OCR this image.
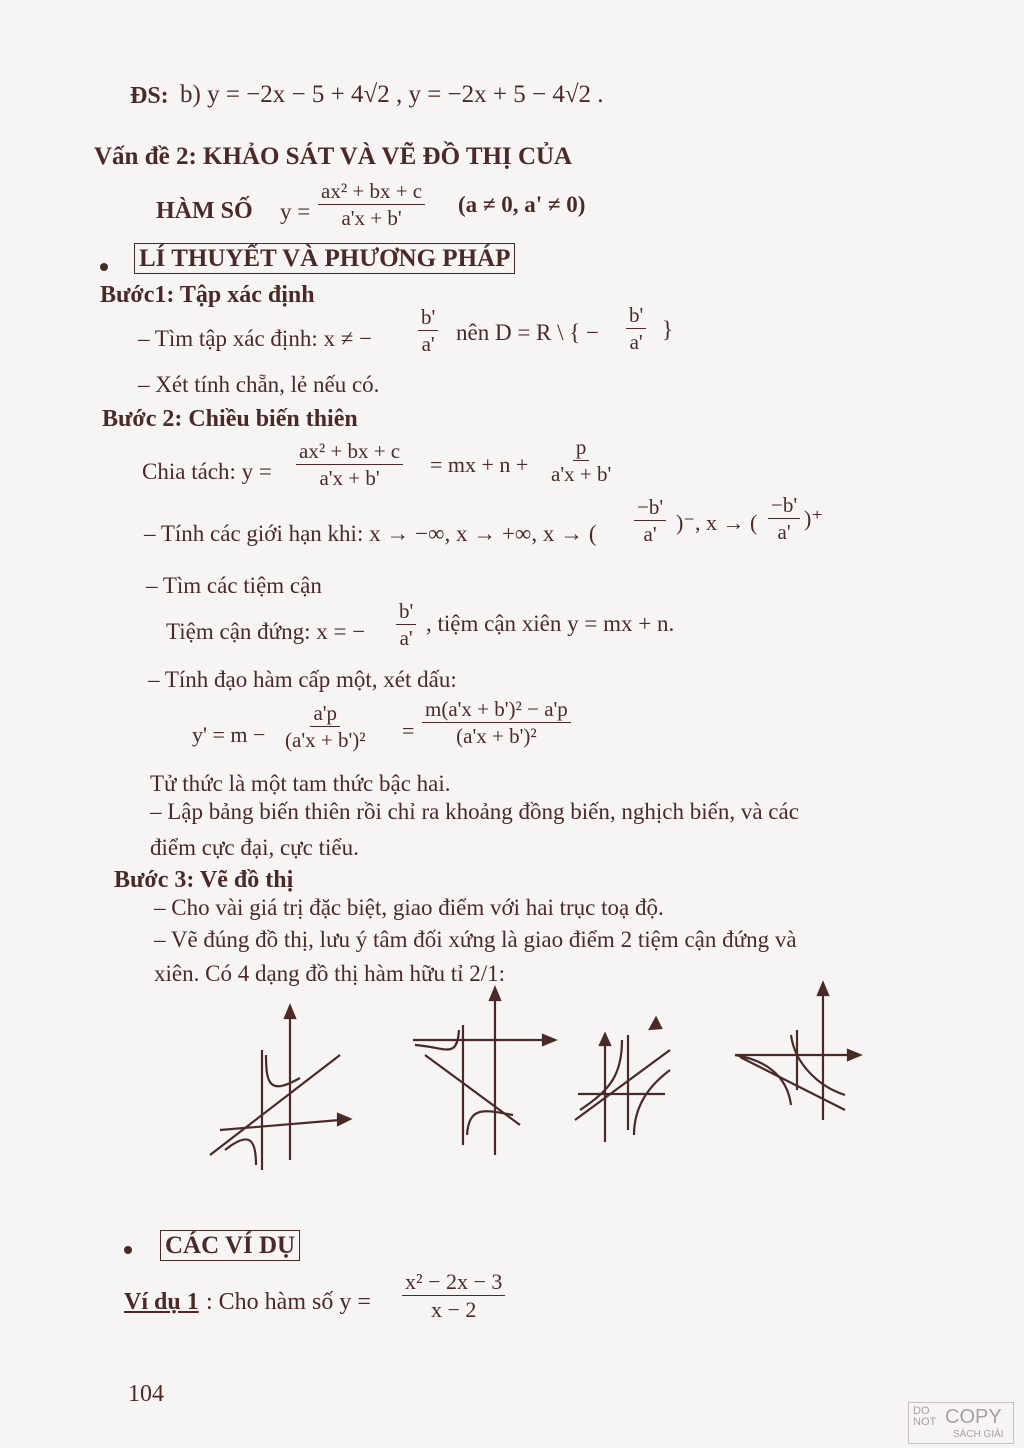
ĐS: b) y = −2x − 5 + 4√2 , y = −2x + 5 − 4√2 .
Vấn đề 2: KHẢO SÁT VÀ VẼ ĐỒ THỊ CỦA
HÀM SỐ $y = \frac{\text{ax² + bx + c}}{a'x + b'} (a \ne 0$, a' ≠ 0)
LÍ THUYẾT VÀ PHƯƠNG PHÁP
Bước1: Tập xác định
– Tìm tập xác định: x ≠ − $\frac{b'}{a'}$ nên D = R \ { − $\frac{b'}{a'}$ }
– Xét tính chẵn, lẻ nếu có.
Bước 2: Chiều biến thiên
Chia tách: $y = \frac{\text{ax² + bx + c}}{a'x + b'}$ = mx + $n + \frac{p}{a'x + b'}$
– Tính các giới hạn khi: x → −∞, x → +∞, x → ( $\frac{-b'}{a'}$ )⁻, x → ( $\frac{-b'}{a'}$ )⁺
– Tìm các tiệm cận
Tiệm cận đứng: x = − $\frac{b'}{a'}$ , tiệm cận xiên y = mx + n.
– Tính đạo hàm cấp một, xét dấu:
$y' = m - \frac{a'p}{\text{(a'x + b')²}} = \frac{\text{m(a'x + b')² − a'p}}{\text{(a'x + b')²}}$
Tử thức là một tam thức bậc hai.
– Lập bảng biến thiên rồi chỉ ra khoảng đồng biến, nghịch biến, và các
điểm cực đại, cực tiểu.
Bước 3: Vẽ đồ thị
– Cho vài giá trị đặc biệt, giao điểm với hai trục toạ độ.
– Vẽ đúng đồ thị, lưu ý tâm đối xứng là giao điểm 2 tiệm cận đứng và
xiên. Có 4 dạng đồ thị hàm hữu tỉ 2/1:
CÁC VÍ DỤ
Ví dụ 1 : Cho hàm số $y = \frac{\text{x² − 2x − 3}}{x - 2}$
104
DO NOT COPY
SÁCH GIẢI
